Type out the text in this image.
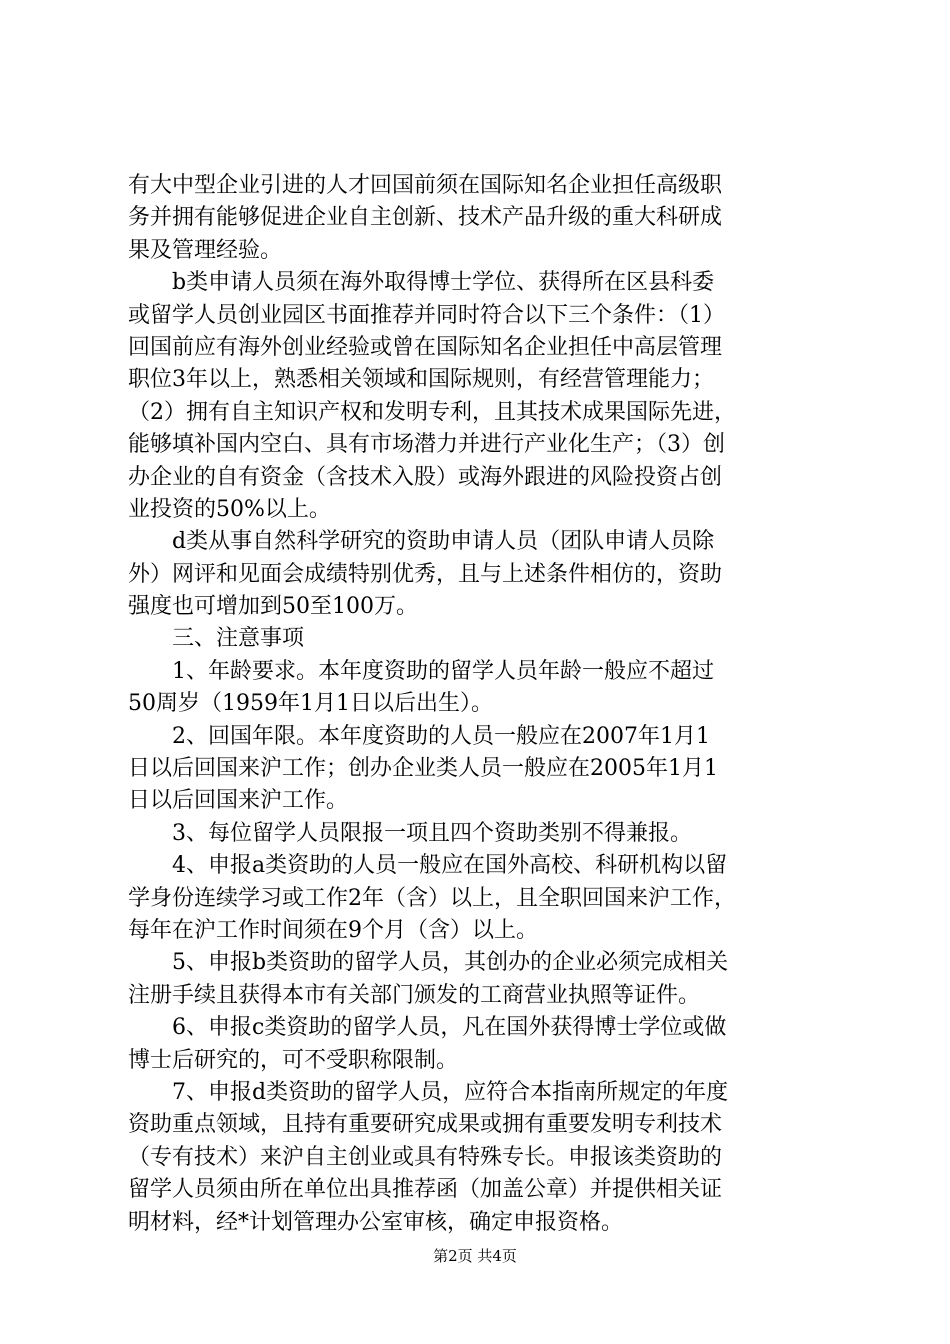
有大中型企业引进的人才回国前须在国际知名企业担任高级职
务并拥有能够促进企业自主创新、技术产品升级的重大科研成
果及管理经验。
　　b类申请人员须在海外取得博士学位、获得所在区县科委
或留学人员创业园区书面推荐并同时符合以下三个条件：（1）
回国前应有海外创业经验或曾在国际知名企业担任中高层管理
职位3年以上，熟悉相关领域和国际规则，有经营管理能力；
（2）拥有自主知识产权和发明专利，且其技术成果国际先进，
能够填补国内空白、具有市场潜力并进行产业化生产；（3）创
办企业的自有资金（含技术入股）或海外跟进的风险投资占创
业投资的50%以上。
　　d类从事自然科学研究的资助申请人员（团队申请人员除
外）网评和见面会成绩特别优秀，且与上述条件相仿的，资助
强度也可增加到50至100万。
　　三、注意事项
　　1、年龄要求。本年度资助的留学人员年龄一般应不超过
50周岁（1959年1月1日以后出生）。
　　2、回国年限。本年度资助的人员一般应在2007年1月1
日以后回国来沪工作；创办企业类人员一般应在2005年1月1
日以后回国来沪工作。
　　3、每位留学人员限报一项且四个资助类别不得兼报。
　　4、申报a类资助的人员一般应在国外高校、科研机构以留
学身份连续学习或工作2年（含）以上，且全职回国来沪工作，
每年在沪工作时间须在9个月（含）以上。
　　5、申报b类资助的留学人员，其创办的企业必须完成相关
注册手续且获得本市有关部门颁发的工商营业执照等证件。
　　6、申报c类资助的留学人员，凡在国外获得博士学位或做
博士后研究的，可不受职称限制。
　　7、申报d类资助的留学人员，应符合本指南所规定的年度
资助重点领域，且持有重要研究成果或拥有重要发明专利技术
（专有技术）来沪自主创业或具有特殊专长。申报该类资助的
留学人员须由所在单位出具推荐函（加盖公章）并提供相关证
明材料，经*计划管理办公室审核，确定申报资格。
第2页 共4页
